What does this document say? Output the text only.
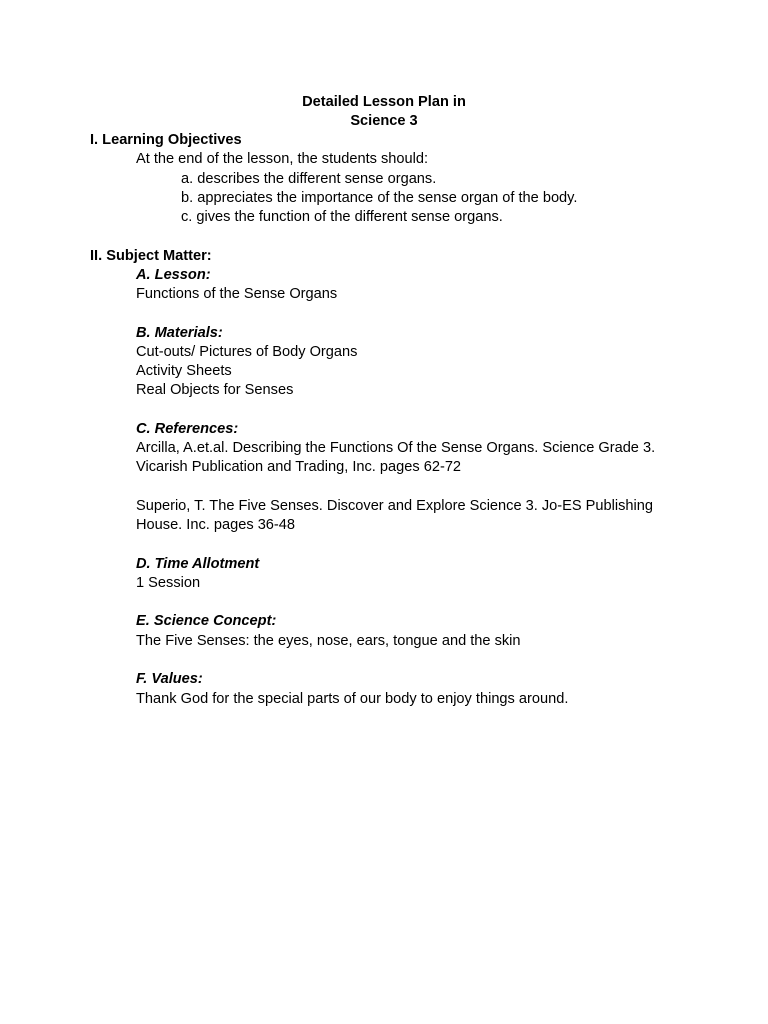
Detailed Lesson Plan in
Science 3
I. Learning Objectives
At the end of the lesson, the students should:
a. describes the different sense organs.
b. appreciates the importance of the sense organ of the body.
c. gives the function of the different sense organs.
II. Subject Matter:
A. Lesson:
Functions of the Sense Organs
B. Materials:
Cut-outs/ Pictures of Body Organs
Activity Sheets
Real Objects for Senses
C. References:
Arcilla, A.et.al. Describing the Functions Of the Sense Organs. Science Grade 3.
Vicarish Publication and Trading, Inc. pages 62-72
Superio, T. The Five Senses. Discover and Explore Science 3. Jo-ES Publishing
House. Inc. pages 36-48
D. Time Allotment
1 Session
E. Science Concept:
The Five Senses: the eyes, nose, ears, tongue and the skin
F. Values:
Thank God for the special parts of our body to enjoy things around.
